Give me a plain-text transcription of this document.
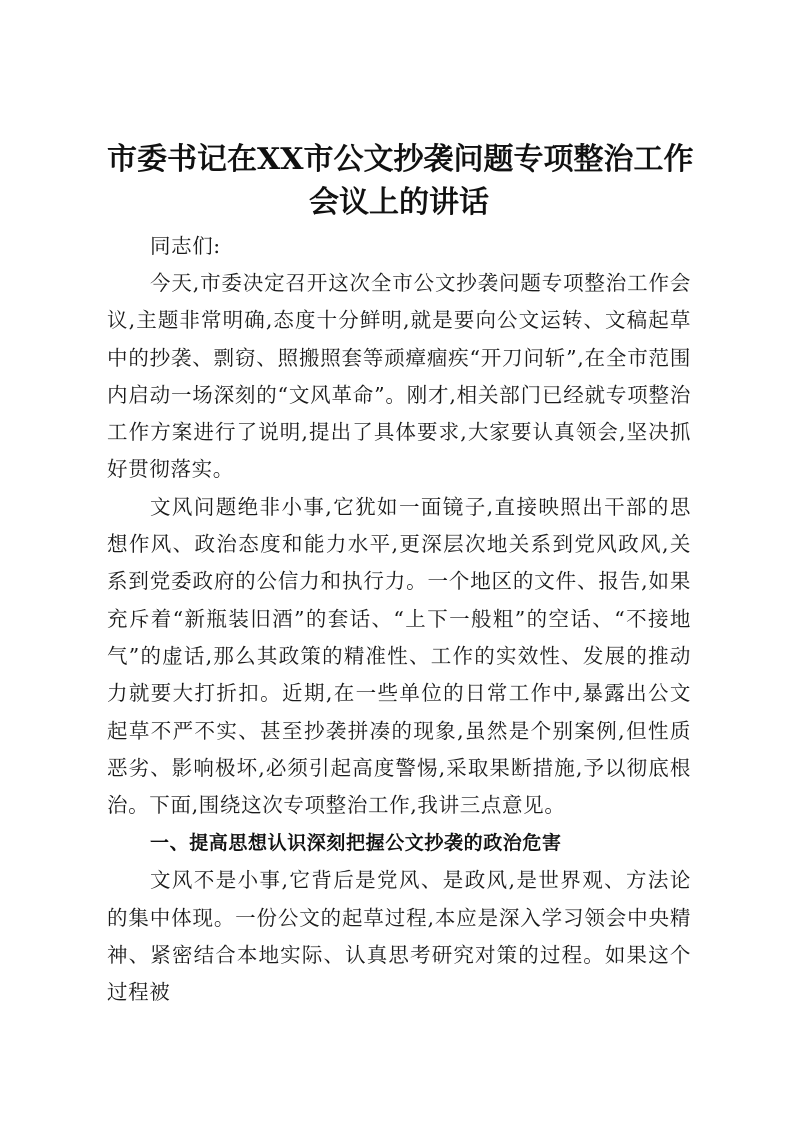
市委书记在XX市公文抄袭问题专项整治工作
会议上的讲话

同志们:

今天,市委决定召开这次全市公文抄袭问题专项整治工作会议,主题非常明确,态度十分鲜明,就是要向公文运转、文稿起草中的抄袭、剽窃、照搬照套等顽瘴痼疾“开刀问斩”,在全市范围内启动一场深刻的“文风革命”。刚才,相关部门已经就专项整治工作方案进行了说明,提出了具体要求,大家要认真领会,坚决抓好贯彻落实。

文风问题绝非小事,它犹如一面镜子,直接映照出干部的思想作风、政治态度和能力水平,更深层次地关系到党风政风,关系到党委政府的公信力和执行力。一个地区的文件、报告,如果充斥着“新瓶装旧酒”的套话、“上下一般粗”的空话、“不接地气”的虚话,那么其政策的精准性、工作的实效性、发展的推动力就要大打折扣。近期,在一些单位的日常工作中,暴露出公文起草不严不实、甚至抄袭拼凑的现象,虽然是个别案例,但性质恶劣、影响极坏,必须引起高度警惕,采取果断措施,予以彻底根治。下面,围绕这次专项整治工作,我讲三点意见。

一、提高思想认识深刻把握公文抄袭的政治危害

文风不是小事,它背后是党风、是政风,是世界观、方法论的集中体现。一份公文的起草过程,本应是深入学习领会中央精神、紧密结合本地实际、认真思考研究对策的过程。如果这个过程被
